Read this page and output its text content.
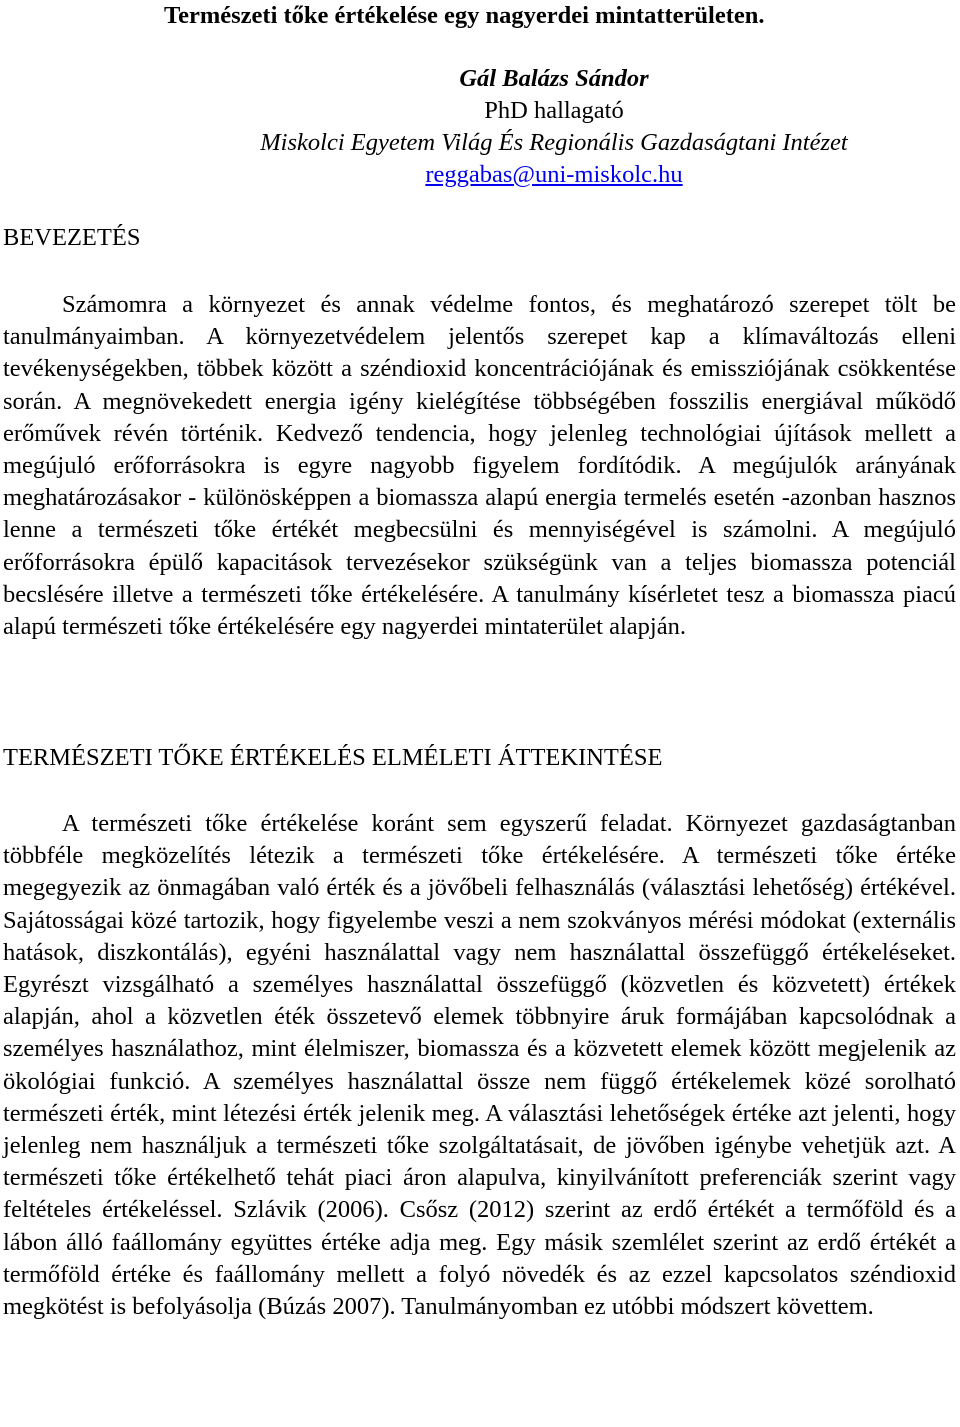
Természeti tőke értékelése egy nagyerdei mintatterületen.
Gál Balázs Sándor
PhD hallagató
Miskolci Egyetem Világ És Regionális Gazdaságtani Intézet
reggabas@uni-miskolc.hu
BEVEZETÉS

Számomra a környezet és annak védelme fontos, és meghatározó szerepet tölt be tanulmányaimban. A környezetvédelem jelentős szerepet kap a klímaváltozás elleni tevékenységekben, többek között a széndioxid koncentrációjának és emissziójának csökkentése során. A megnövekedett energia igény kielégítése többségében fosszilis energiával működő erőművek révén történik. Kedvező tendencia, hogy jelenleg technológiai újítások mellett a megújuló erőforrásokra is egyre nagyobb figyelem fordítódik. A megújulók arányának meghatározásakor - különösképpen a biomassza alapú energia termelés esetén -azonban hasznos lenne a természeti tőke értékét megbecsülni és mennyiségével is számolni. A megújuló erőforrásokra épülő kapacitások tervezésekor szükségünk van a teljes biomassza potenciál becslésére illetve a természeti tőke értékelésére. A tanulmány kísérletet tesz a biomassza piacú alapú természeti tőke értékelésére egy nagyerdei mintaterület alapján.

TERMÉSZETI TŐKE ÉRTÉKELÉS ELMÉLETI ÁTTEKINTÉSE

A természeti tőke értékelése koránt sem egyszerű feladat. Környezet gazdaságtanban többféle megközelítés létezik a természeti tőke értékelésére. A természeti tőke értéke megegyezik az önmagában való érték és a jövőbeli felhasználás (választási lehetőség) értékével. Sajátosságai közé tartozik, hogy figyelembe veszi a nem szokványos mérési módokat (externális hatások, diszkontálás), egyéni használattal vagy nem használattal összefüggő értékeléseket. Egyrészt vizsgálható a személyes használattal összefüggő (közvetlen és közvetett) értékek alapján, ahol a közvetlen éték összetevő elemek többnyire áruk formájában kapcsolódnak a személyes használathoz, mint élelmiszer, biomassza és a közvetett elemek között megjelenik az ökológiai funkció. A személyes használattal össze nem függő értékelemek közé sorolható természeti érték, mint létezési érték jelenik meg. A választási lehetőségek értéke azt jelenti, hogy jelenleg nem használjuk a természeti tőke szolgáltatásait, de jövőben igénybe vehetjük azt. A természeti tőke értékelhető tehát piaci áron alapulva, kinyilvánított preferenciák szerint vagy feltételes értékeléssel. Szlávik (2006). Csősz (2012) szerint az erdő értékét a termőföld és a lábon álló faállomány együttes értéke adja meg. Egy másik szemlélet szerint az erdő értékét a termőföld értéke és faállomány mellett a folyó növedék és az ezzel kapcsolatos széndioxid megkötést is befolyásolja (Búzás 2007). Tanulmányomban ez utóbbi módszert követtem.
